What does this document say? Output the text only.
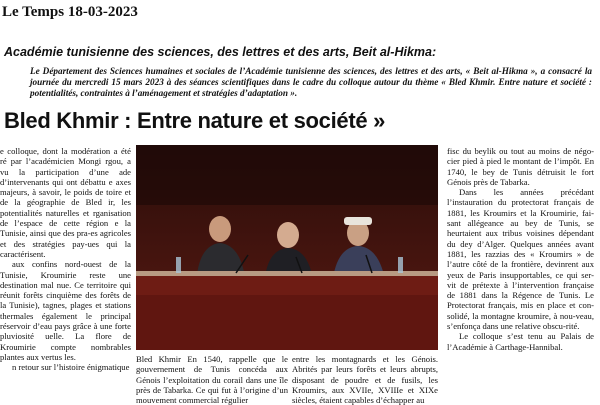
Le Temps 18-03-2023
Académie tunisienne des sciences, des lettres et des arts, Beit al-Hikma:
Le Département des Sciences humaines et sociales de l’Académie tunisienne des sciences, des lettres et des arts, « Beit al-Hikma », a consacré la journée du mercredi 15 mars 2023 à des séances scientifiques dans le cadre du colloque autour du thème « Bled Khmir. Entre nature et société : potentialités, contraintes à l’aménagement et stratégies d’adaptation ».
Bled Khmir : Entre nature et société »

e colloque, dont la modération a été ré par l’académicien Mongi rgou, a vu la participation d’une ade d’intervenants qui ont débattu e axes majeurs, à savoir, le poids de toire et de la géographie de Bled ir, les potentialités naturelles et rganisation de l’espace de cette région e la Tunisie, ainsi que des pra-es agricoles et des stratégies pay-ues qui la caractérisent.

aux confins nord-ouest de la Tunisie, Kroumirie reste une destination mal nue. Ce territoire qui réunit forêts cinquième des forêts de la Tunisie), tagnes, plages et stations thermales également le principal réservoir d’eau pays grâce à une forte pluviosité uelle. La flore de Kroumirie compte nombrables plantes aux vertus les.

n retour sur l’histoire énigmatique

Bled Khmir En 1540, rappelle que le gouvernement de Tunis concéda aux Génois l’exploitation du corail dans une île près de Tabarka. Ce qui fut à l’origine d’un mouvement commercial régulier

entre les montagnards et les Génois. Abrités par leurs forêts et leurs abrupts, disposant de poudre et de fusils, les Kroumirs, aux XVIIe, XVIIIe et XIXe siècles, étaient capables d’échapper au

fisc du beylik ou tout au moins de négo-cier pied à pied le montant de l’impôt. En 1740, le bey de Tunis détruisit le fort Génois près de Tabarka.

Dans les années précédant l’instauration du protectorat français de 1881, les Kroumirs et la Kroumirie, fai-sant allégeance au bey de Tunis, se heurtaient aux tribus voisines dépendant du dey d’Alger. Quelques années avant 1881, les razzias des « Kroumirs » de l’autre côté de la frontière, devinrent aux yeux de Paris insupportables, ce qui ser-vit de prétexte à l’intervention française de 1881 dans la Régence de Tunis. Le Protectorat français, mis en place et con-solidé, la montagne kroumire, à nou-veau, s’enfonça dans une relative obscu-rité.

Le colloque s’est tenu au Palais de l’Académie à Carthage-Hannibal.
